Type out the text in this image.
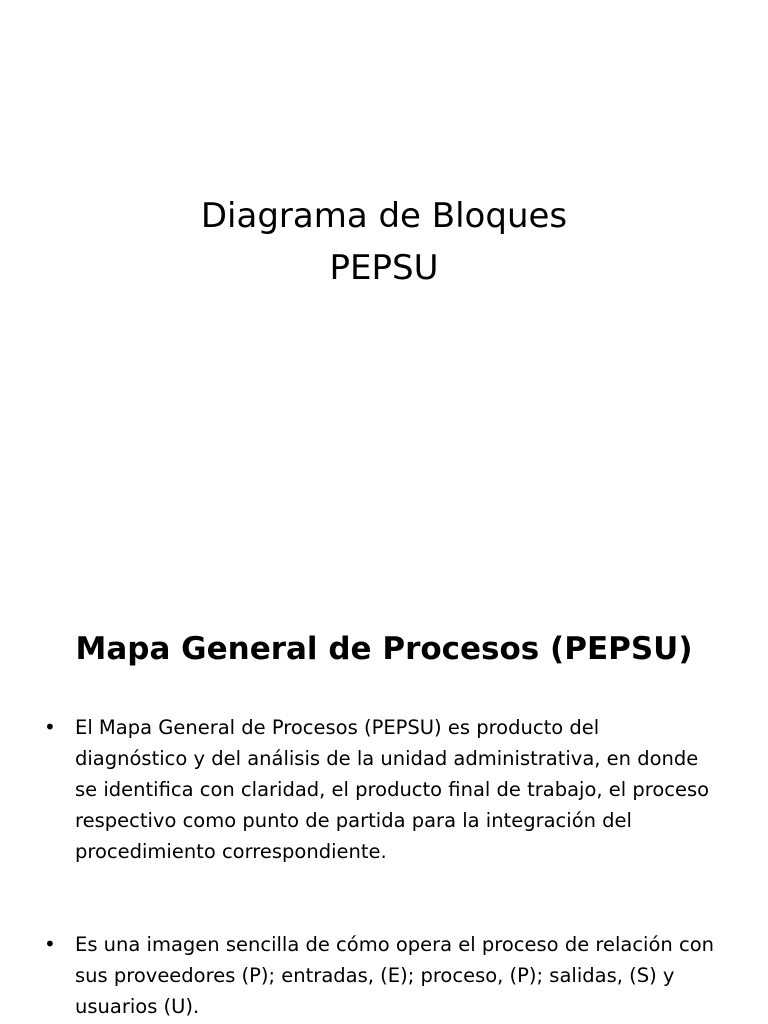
Diagrama de Bloques
PEPSU
Mapa General de Procesos (PEPSU)
• El Mapa General de Procesos (PEPSU) es producto del diagnóstico y del análisis de la unidad administrativa, en donde se identifica con claridad, el producto final de trabajo, el proceso respectivo como punto de partida para la integración del procedimiento correspondiente.
• Es una imagen sencilla de cómo opera el proceso de relación con sus proveedores (P); entradas, (E); proceso, (P); salidas, (S) y usuarios (U).
